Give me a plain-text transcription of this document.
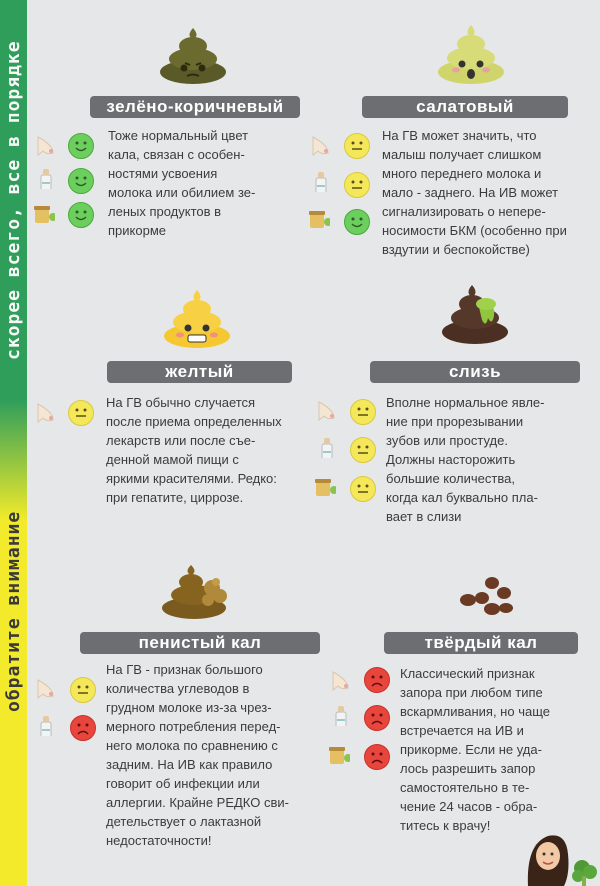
скорее всего, все в порядке
обратите внимание
зелёно-коричневый

Тоже нормальный цвет

кала, связан с особен-

ностями усвоения

молока или обилием зе-

леных продуктов в

прикорме

салатовый

На ГВ может значить, что

малыш получает слишком

много переднего молока и

мало - заднего. На ИВ может

сигнализировать о непере-

носимости БКМ (особенно при

вздутии и беспокойстве)

желтый

На ГВ обычно случается

после приема определенных

лекарств или после съе-

денной мамой пищи с

яркими красителями. Редко:

при гепатите, циррозе.

слизь

Вполне нормальное явле-

ние при прорезывании

зубов или простуде.

Должны насторожить

большие количества,

когда кал буквально пла-

вает в слизи

пенистый кал

На ГВ - признак большого

количества углеводов в

грудном молоке из-за чрез-

мерного потребления перед-

него молока по сравнению с

задним. На ИВ как правило

говорит об инфекции или

аллергии. Крайне РЕДКО сви-

детельствует о лактазной

недостаточности!

твёрдый кал

Классический признак

запора при любом типе

вскармливания, но чаще

встречается на ИВ и

прикорме. Если не уда-

лось разрешить запор

самостоятельно в те-

чение 24 часов - обра-

титесь к врачу!
